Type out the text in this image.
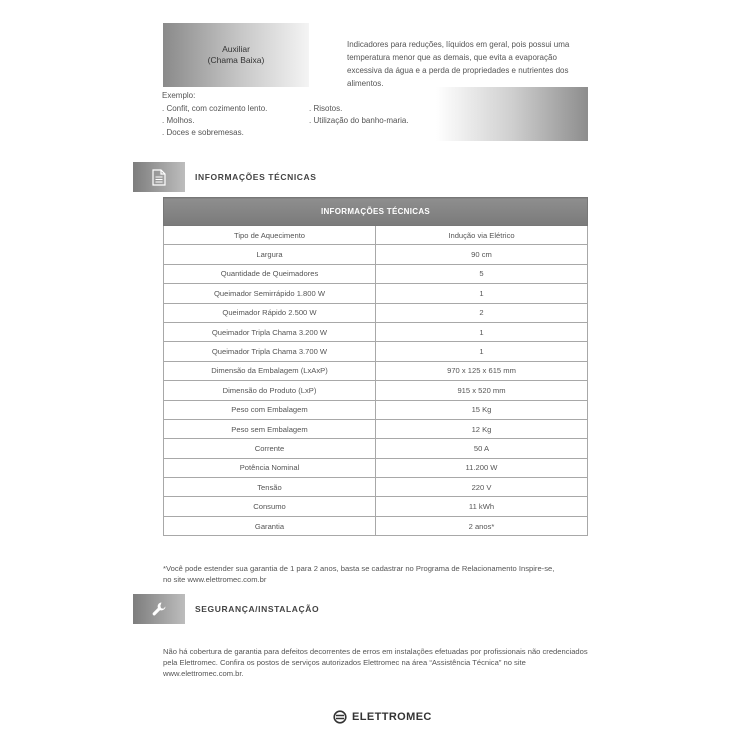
Auxiliar
(Chama Baixa)
Indicadores para reduções, líquidos em geral, pois possui uma temperatura menor que as demais, que evita a evaporação excessiva da água e a perda de propriedades e nutrientes dos alimentos.
Exemplo:
. Confit, com cozimento lento.
. Molhos.
. Doces e sobremesas.
. Risotos.
. Utilização do banho-maria.
INFORMAÇÕES TÉCNICAS
INFORMAÇÕES TÉCNICAS	
Tipo de Aquecimento	Indução via Elétrico
Largura	90 cm
Quantidade de Queimadores	5
Queimador Semirrápido 1.800 W	1
Queimador Rápido 2.500 W	2
Queimador Tripla Chama 3.200 W	1
Queimador Tripla Chama 3.700 W	1
Dimensão da Embalagem (LxAxP)	970 x 125 x 615 mm
Dimensão do Produto (LxP)	915 x 520 mm
Peso com Embalagem	15 Kg
Peso sem Embalagem	12 Kg
Corrente	50 A
Potência Nominal	11.200 W
Tensão	220 V
Consumo	11 kWh
Garantia	2 anos*
*Você pode estender sua garantia de 1 para 2 anos, basta se cadastrar no Programa de Relacionamento Inspire-se,
no site www.elettromec.com.br
SEGURANÇA/INSTALAÇÃO
Não há cobertura de garantia para defeitos decorrentes de erros em instalações efetuadas por profissionais não credenciados pela Elettromec. Confira os postos de serviços autorizados Elettromec na área “Assistência Técnica” no site www.elettromec.com.br.
ELETTROMEC
